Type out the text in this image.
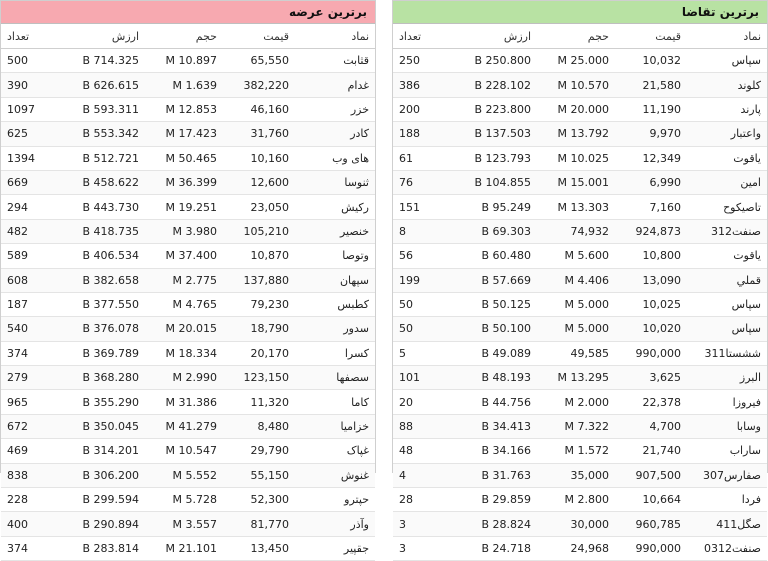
برترین عرضه
نماد	قیمت	حجم	ارزش	تعداد
قثابت	65,550	10.897 M	714.325 B	500
غدام	382,220	1.639 M	626.615 B	390
خزر	46,160	12.853 M	593.311 B	1097
کادر	31,760	17.423 M	553.342 B	625
های وب	10,160	50.465 M	512.721 B	1394
ثنوسا	12,600	36.399 M	458.622 B	669
رکیش	23,050	19.251 M	443.730 B	294
خنصیر	105,210	3.980 M	418.735 B	482
وتوصا	10,870	37.400 M	406.534 B	589
سپهان	137,880	2.775 M	382.658 B	608
کطبس	79,230	4.765 M	377.550 B	187
سدور	18,790	20.015 M	376.078 B	540
کسرا	20,170	18.334 M	369.789 B	374
سصفها	123,150	2.990 M	368.280 B	279
کاما	11,320	31.386 M	355.290 B	965
خزامیا	8,480	41.279 M	350.045 B	672
غپاک	29,790	10.547 M	314.201 B	469
غنوش	55,150	5.552 M	306.200 B	838
حپترو	52,300	5.728 M	299.594 B	228
وآذر	81,770	3.557 M	290.894 B	400
جقپیر	13,450	21.101 M	283.814 B	374
برترین تقاضا
نماد	قیمت	حجم	ارزش	تعداد
سپاس	10,032	25.000 M	250.800 B	250
کلوند	21,580	10.570 M	228.102 B	386
پارند	11,190	20.000 M	223.800 B	200
واعتبار	9,970	13.792 M	137.503 B	188
یاقوت	12,349	10.025 M	123.793 B	61
امین	6,990	15.001 M	104.855 B	76
تاصیکوح	7,160	13.303 M	95.249 B	151
صنفت312	924,873	74,932	69.303 B	8
یاقوت	10,800	5.600 M	60.480 B	56
قملي	13,090	4.406 M	57.669 B	199
سپاس	10,025	5.000 M	50.125 B	50
سپاس	10,020	5.000 M	50.100 B	50
ششستا311	990,000	49,585	49.089 B	5
البرز	3,625	13.295 M	48.193 B	101
فیروزا	22,378	2.000 M	44.756 B	20
وسابا	4,700	7.322 M	34.413 B	88
ساراب	21,740	1.572 M	34.166 B	48
صفارس307	907,500	35,000	31.763 B	4
فردا	10,664	2.800 M	29.859 B	28
صگل411	960,785	30,000	28.824 B	3
صنفت0312	990,000	24,968	24.718 B	3
